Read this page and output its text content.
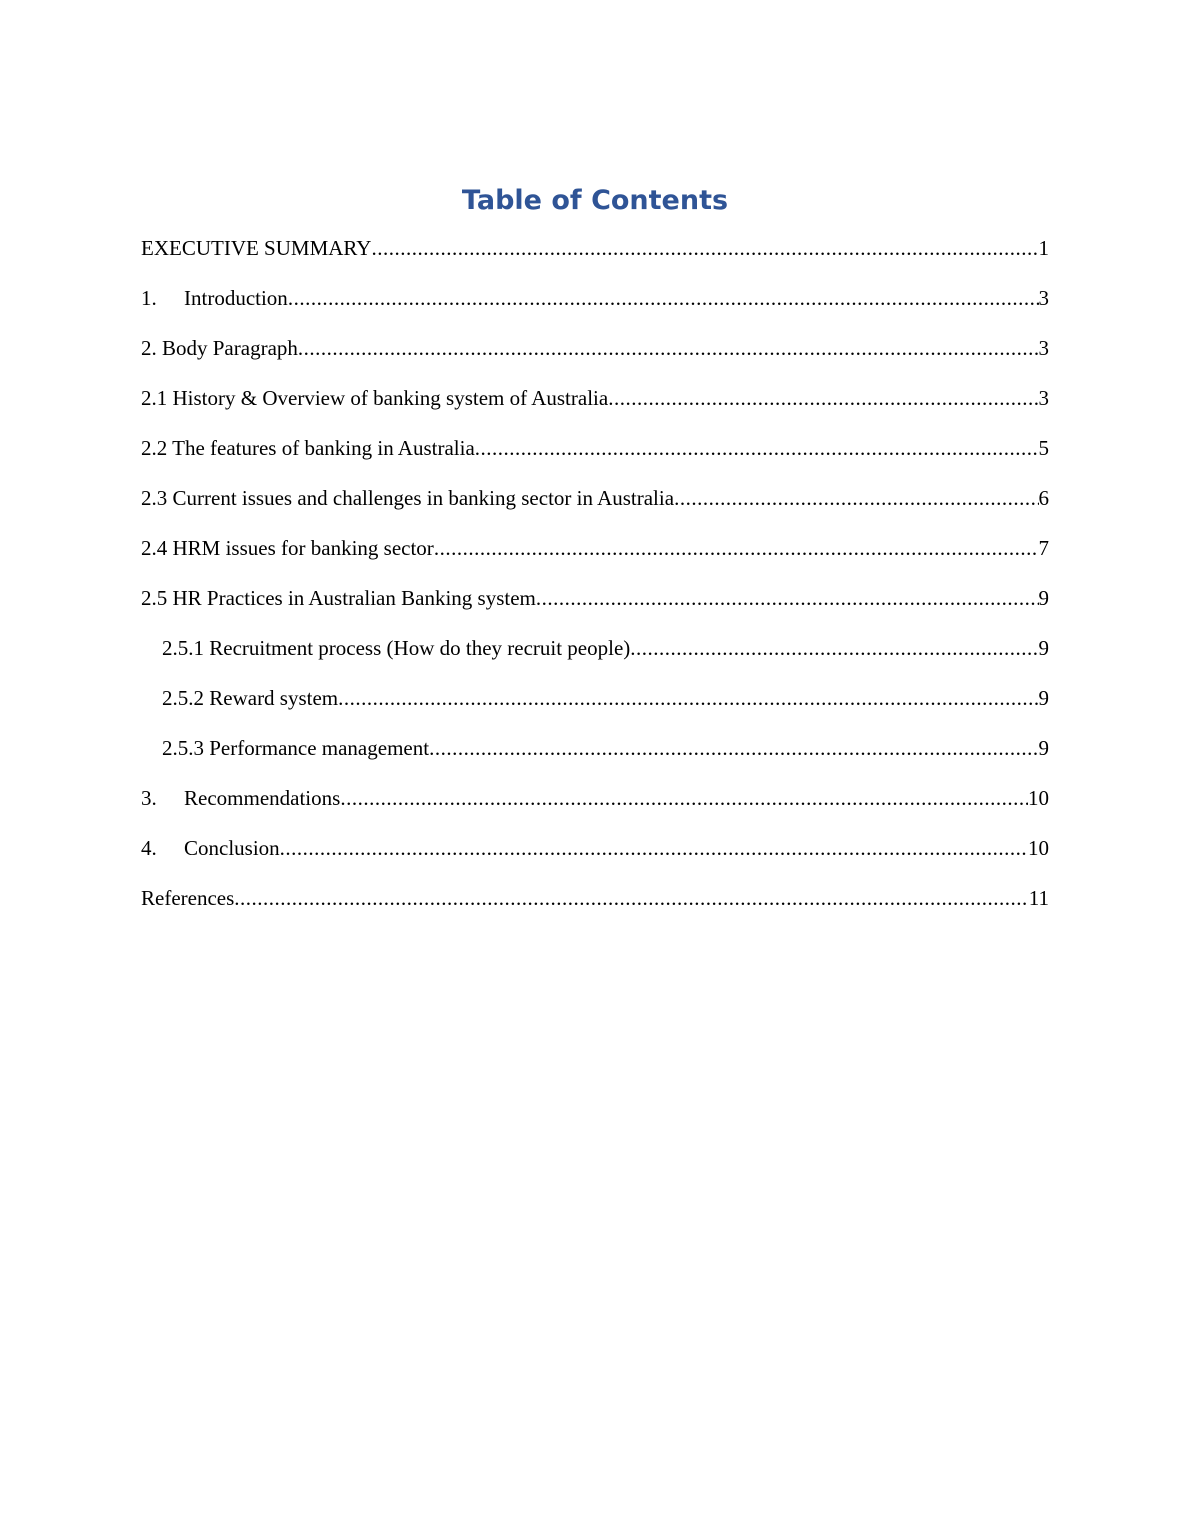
Table of Contents
EXECUTIVE SUMMARY .....	1
1.	Introduction .....	3
2. Body Paragraph .....	3
2.1 History & Overview of banking system of Australia .....	3
2.2 The features of banking in Australia .....	5
2.3 Current issues and challenges in banking sector in Australia .....	6
2.4 HRM issues for banking sector .....	7
2.5 HR Practices in Australian Banking system .....	9
2.5.1 Recruitment process (How do they recruit people) .....	9
2.5.2 Reward system .....	9
2.5.3 Performance management .....	9
3.	Recommendations .....	10
4.	Conclusion .....	10
References .....	11
